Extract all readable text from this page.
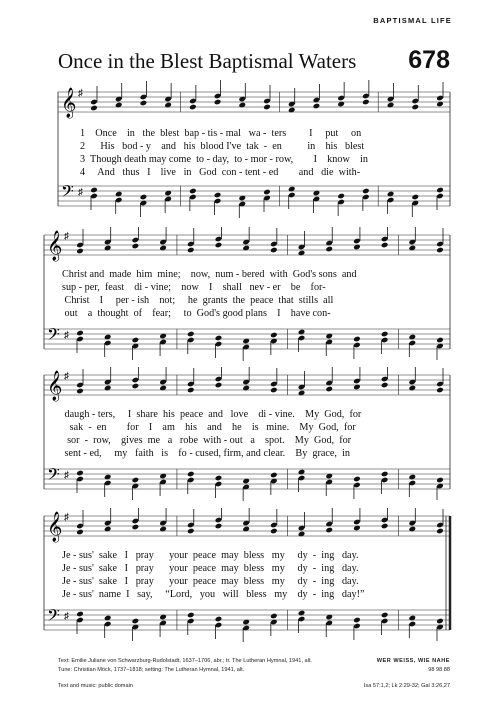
BAPTISMAL LIFE
Once in the Blest Baptismal Waters 678
𝄞
𝄢
♯
♯
1    Once    in   the  blest  bap - tis - mal   wa -  ters         I     put     on
2      His   bod - y    and   his  blood I've  tak  -  en          in    his   blest
3  Though death may come  to - day,  to - mor - row,        I    know    in
4     And   thus   I    live   in   God  con - tent - ed        and   die  with-
𝄞
𝄢
♯
♯
Christ and  made  him  mine;    now,  num - bered  with  God's sons  and
sup - per,  feast    di - vine;    now    I    shall   nev - er    be    for-
Christ    I     per - ish    not;     he  grants  the  peace  that  stills  all
out    a  thought  of    fear;     to  God's good plans    I    have con-
𝄞
𝄢
♯
♯
daugh - ters,     I  share  his  peace  and   love    di - vine.    My  God,  for
sak  -  en        for    I    am    his    and    he    is   mine.    My  God,  for
sor  -  row,    gives  me   a   robe  with - out   a    spot.    My  God,  for
sent - ed,     my   faith   is    fo - cused, firm, and clear.    By  grace,  in
𝄞
𝄢
♯
♯
Je - sus'  sake   I   pray      your  peace  may  bless   my     dy  -  ing   day.
Je - sus'  sake   I   pray      your  peace  may  bless   my     dy  -  ing   day.
Je - sus'  sake   I   pray      your  peace  may  bless   my     dy  -  ing   day.
Je - sus'  name  I   say,     “Lord,   you   will   bless   my    dy  -  ing   day!”
Text: Emilie Juliane von Schwarzburg-Rudolstadt, 1637–1706, abr.; tr. The Lutheran Hymnal, 1941, alt.
Tune: Christian Möck, 1737–1818; setting: The Lutheran Hymnal, 1941, alt.
Text and music: public domain
WER WEISS, WIE NAHE
98 98 88
Isa 57:1,2; Lk 2:29-32; Gal 3:26,27
